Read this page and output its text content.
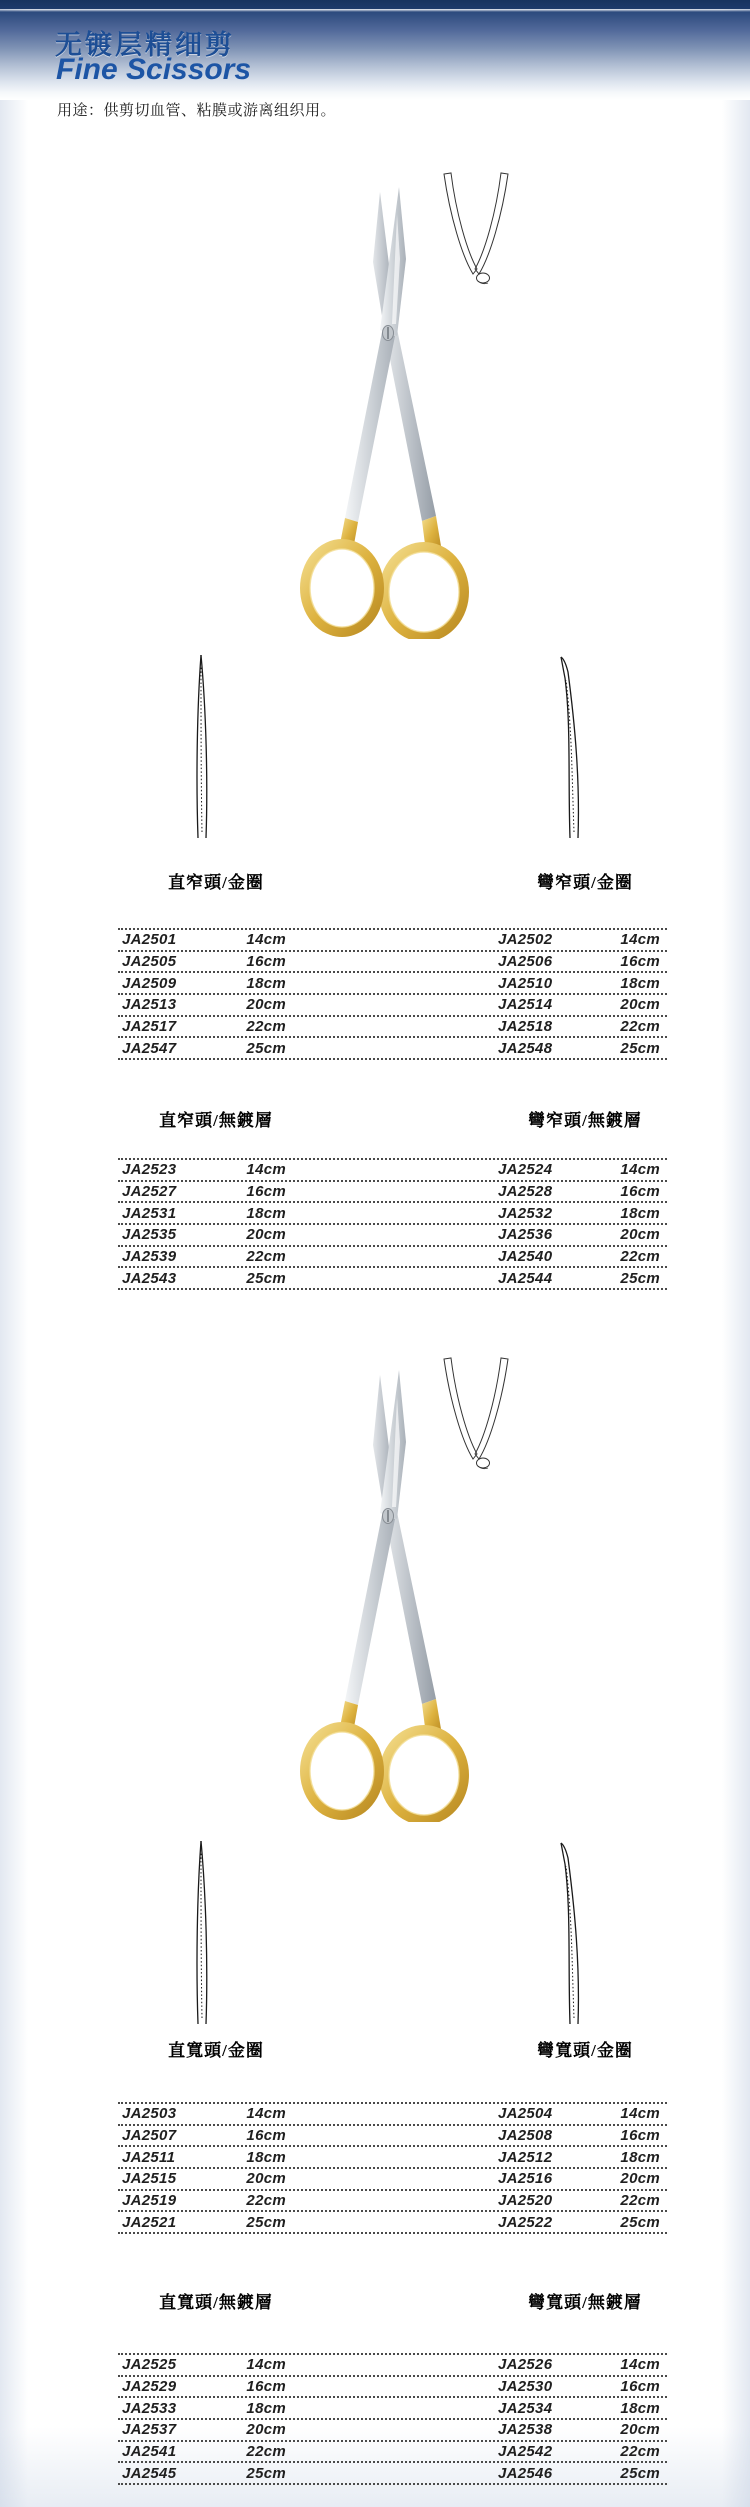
无镀层精细剪
Fine Scissors
用途：供剪切血管、粘膜或游离组织用。
直窄頭/金圈	彎窄頭/金圈
JA2501	14cm	JA2502	14cm
JA2505	16cm	JA2506	16cm
JA2509	18cm	JA2510	18cm
JA2513	20cm	JA2514	20cm
JA2517	22cm	JA2518	22cm
JA2547	25cm	JA2548	25cm
直窄頭/無鍍層	彎窄頭/無鍍層
JA2523	14cm	JA2524	14cm
JA2527	16cm	JA2528	16cm
JA2531	18cm	JA2532	18cm
JA2535	20cm	JA2536	20cm
JA2539	22cm	JA2540	22cm
JA2543	25cm	JA2544	25cm
直寬頭/金圈	彎寬頭/金圈
JA2503	14cm	JA2504	14cm
JA2507	16cm	JA2508	16cm
JA2511	18cm	JA2512	18cm
JA2515	20cm	JA2516	20cm
JA2519	22cm	JA2520	22cm
JA2521	25cm	JA2522	25cm
直寬頭/無鍍層	彎寬頭/無鍍層
JA2525	14cm	JA2526	14cm
JA2529	16cm	JA2530	16cm
JA2533	18cm	JA2534	18cm
JA2537	20cm	JA2538	20cm
JA2541	22cm	JA2542	22cm
JA2545	25cm	JA2546	25cm
